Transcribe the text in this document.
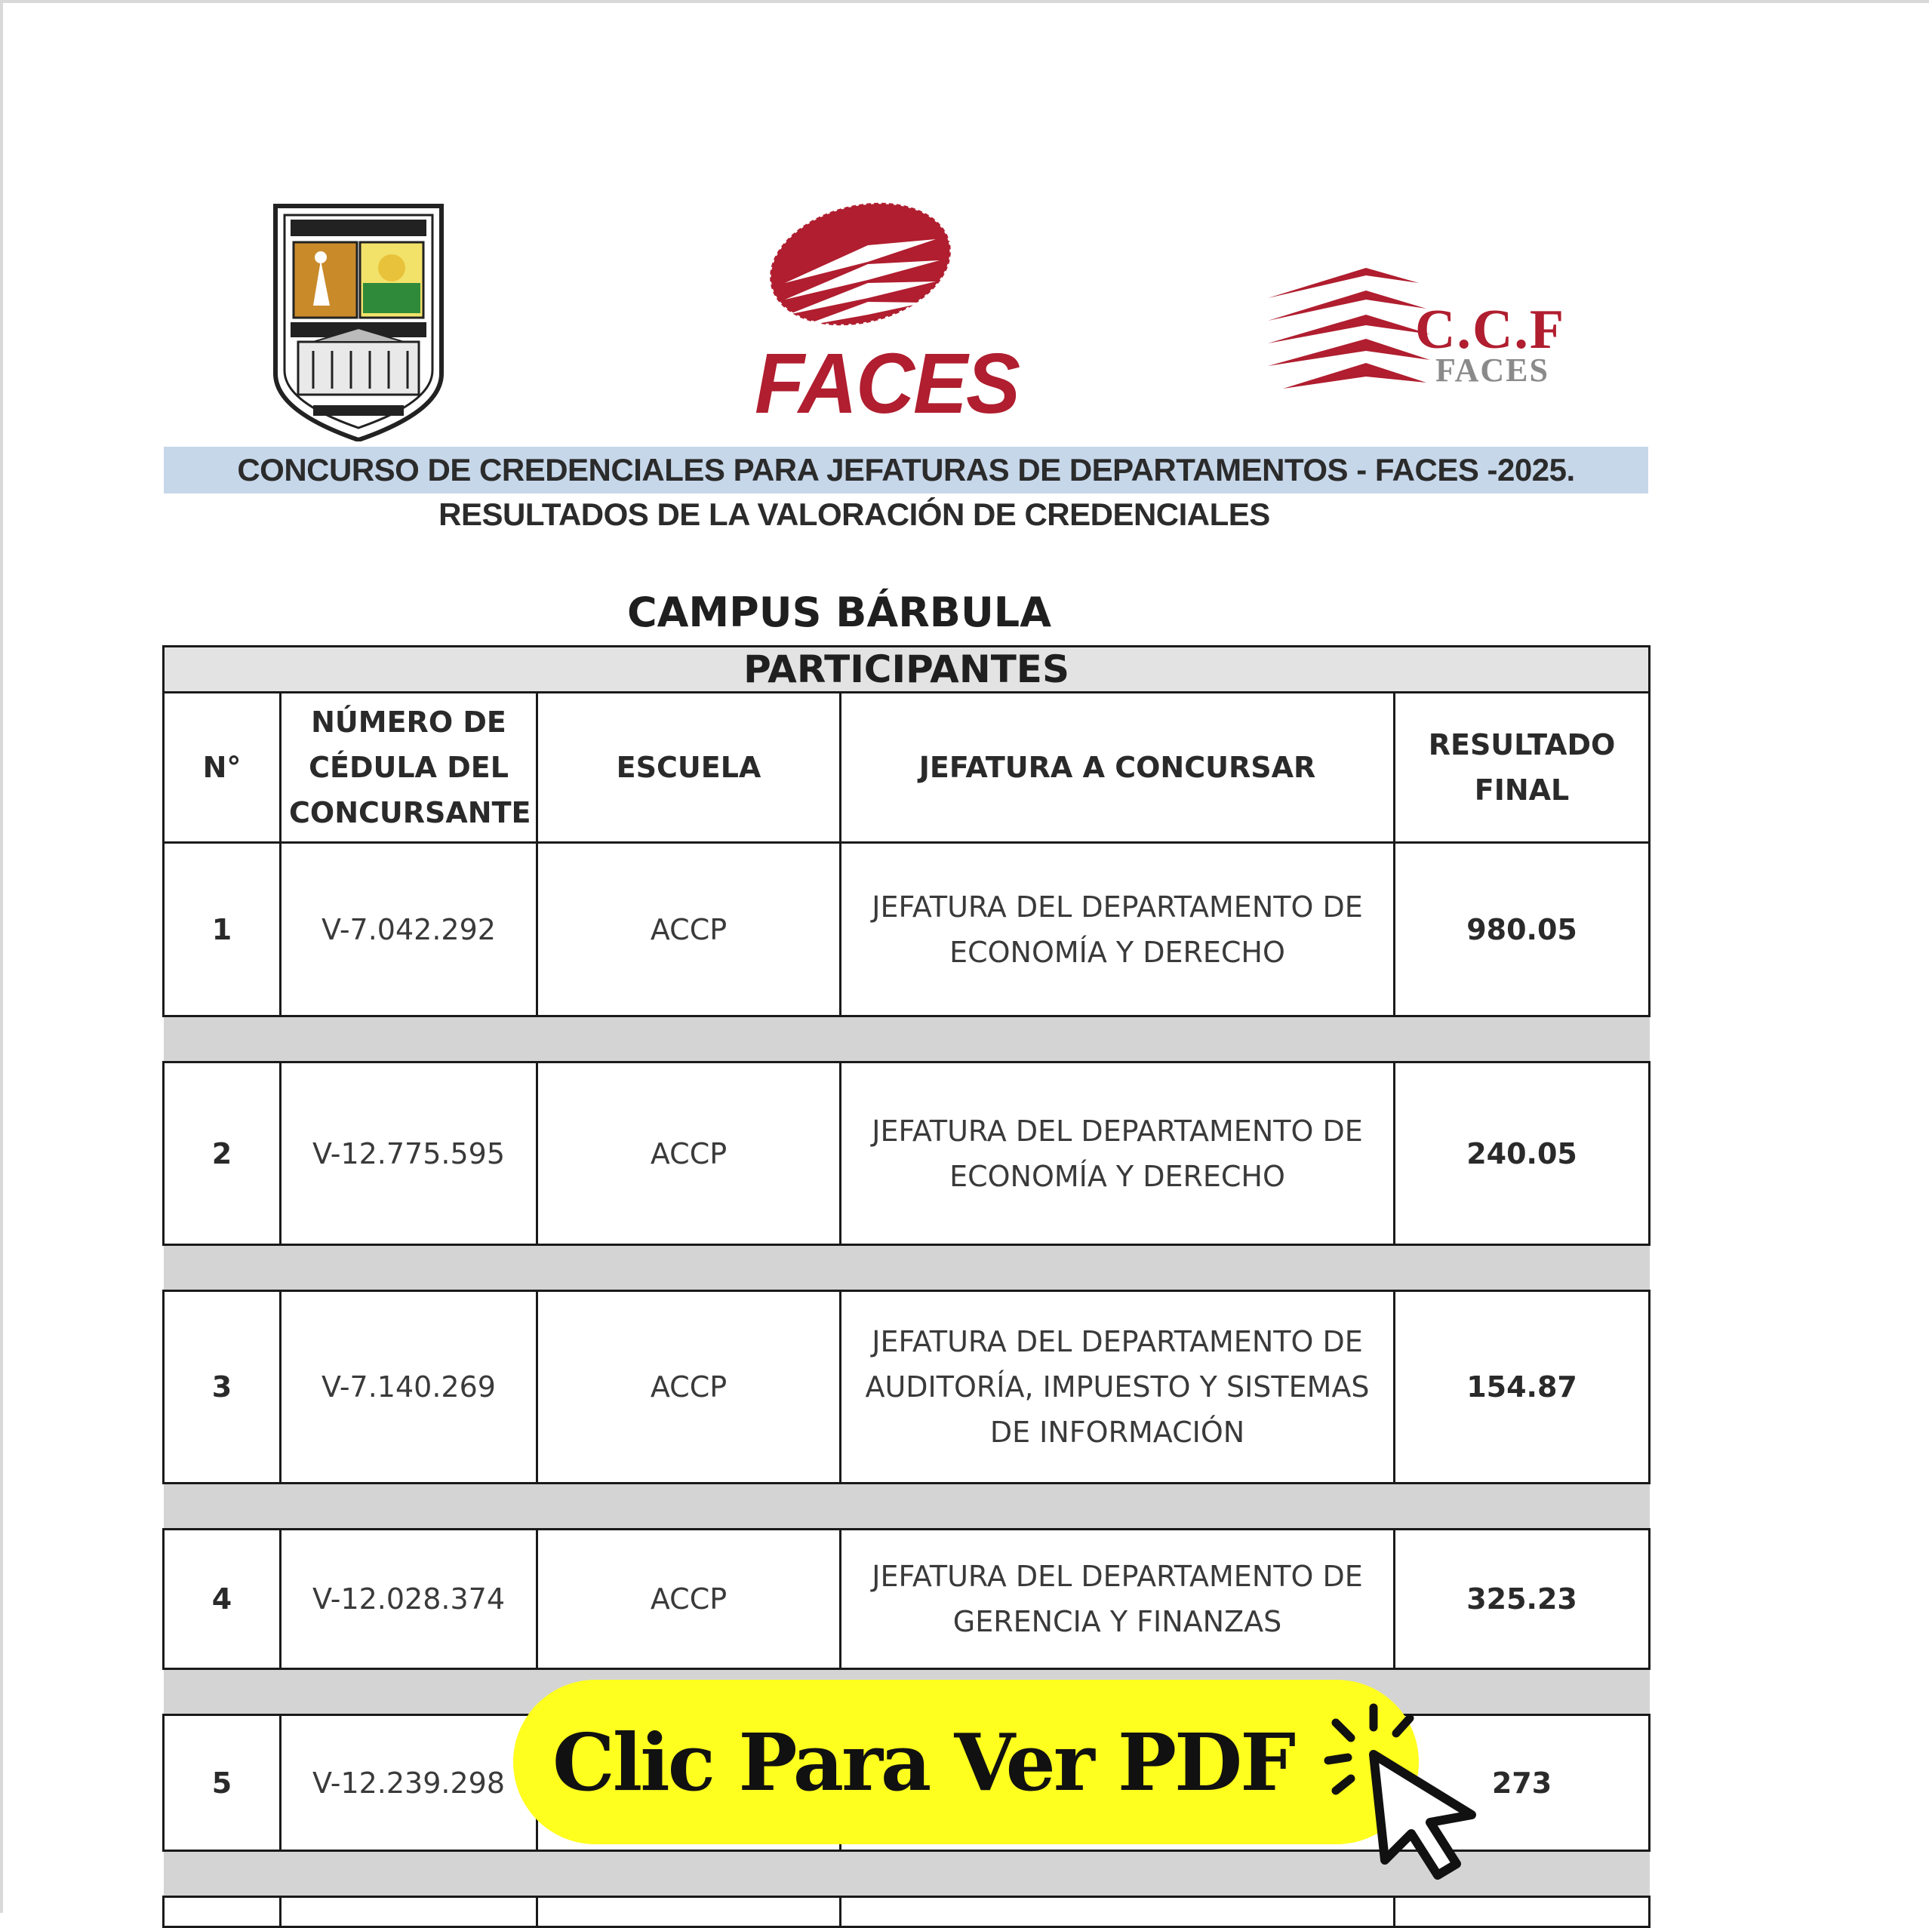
FACES
C.C.F
FACES
CONCURSO DE CREDENCIALES PARA JEFATURAS DE DEPARTAMENTOS - FACES -2025.
RESULTADOS DE LA VALORACIÓN DE CREDENCIALES
CAMPUS BÁRBULA
PARTICIPANTES				
N°	NÚMERO DE CÉDULA DEL CONCURSANTE	ESCUELA	JEFATURA A CONCURSAR	RESULTADO FINAL
1	V-7.042.292	ACCP	JEFATURA DEL DEPARTAMENTO DE ECONOMÍA Y DERECHO	980.05

2	V-12.775.595	ACCP	JEFATURA DEL DEPARTAMENTO DE ECONOMÍA Y DERECHO	240.05

3	V-7.140.269	ACCP	JEFATURA DEL DEPARTAMENTO DE AUDITORÍA, IMPUESTO Y SISTEMAS DE INFORMACIÓN	154.87

4	V-12.028.374	ACCP	JEFATURA DEL DEPARTAMENTO DE GERENCIA Y FINANZAS	325.23

5	V-12.239.298			273

Clic Para Ver PDF
